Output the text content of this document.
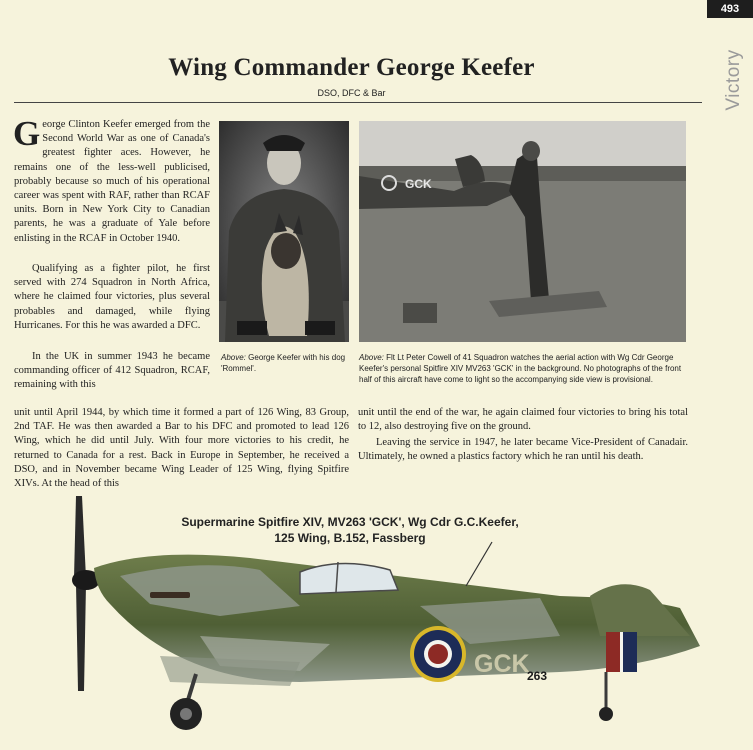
493
Victory
Wing Commander George Keefer
DSO, DFC & Bar
George Clinton Keefer emerged from the Second World War as one of Canada's greatest fighter aces. However, he remains one of the less-well publicised, probably because so much of his operational career was spent with RAF, rather than RCAF units. Born in New York City to Canadian parents, he was a graduate of Yale before enlisting in the RCAF in October 1940.
Qualifying as a fighter pilot, he first served with 274 Squadron in North Africa, where he claimed four victories, plus several probables and damaged, while flying Hurricanes. For this he was awarded a DFC.
In the UK in summer 1943 he became commanding officer of 412 Squadron, RCAF, remaining with this
unit until April 1944, by which time it formed a part of 126 Wing, 83 Group, 2nd TAF. He was then awarded a Bar to his DFC and promoted to lead 126 Wing, which he did until July. With four more victories to his credit, he returned to Canada for a rest. Back in Europe in September, he received a DSO, and in November became Wing Leader of 125 Wing, flying Spitfire XIVs. At the head of this
unit until the end of the war, he again claimed four victories to bring his total to 12, also destroying five on the ground.
Leaving the service in 1947, he later became Vice-President of Canadair. Ultimately, he owned a plastics factory which he ran until his death.
GCK
Above: George Keefer with his dog 'Rommel'.
Above: Flt Lt Peter Cowell of 41 Squadron watches the aerial action with Wg Cdr George Keefer's personal Spitfire XIV MV263 'GCK' in the background. No photographs of the front half of this aircraft have come to light so the accompanying side view is provisional.
Supermarine Spitfire XIV, MV263 'GCK', Wg Cdr G.C.Keefer,
125 Wing, B.152, Fassberg
GCK
263
